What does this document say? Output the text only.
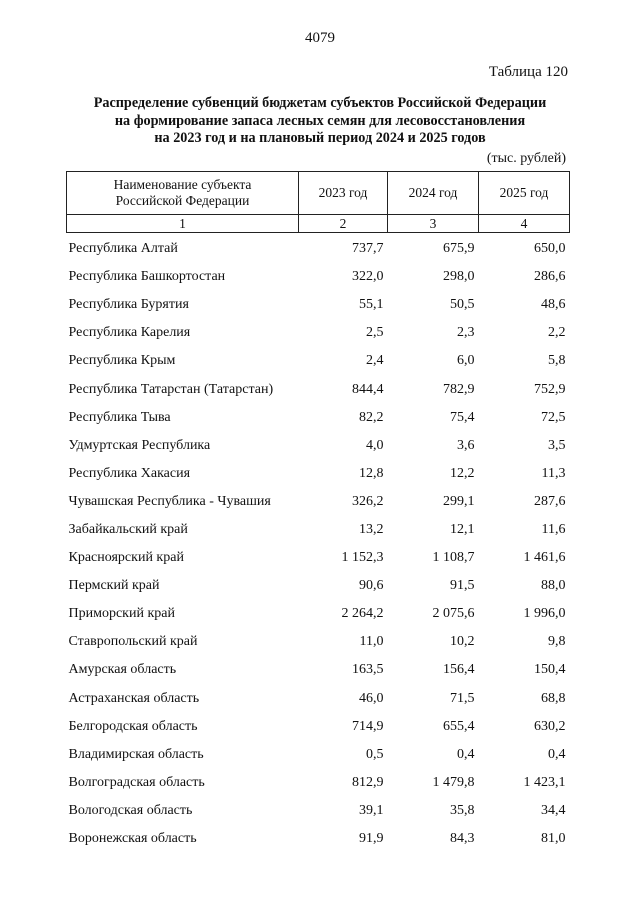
4079
Таблица 120
Распределение субвенций бюджетам субъектов Российской Федерации
на формирование запаса лесных семян для лесовосстановления
на 2023 год и на плановый период 2024 и 2025 годов
(тыс. рублей)
Наименование субъекта
Российской Федерации	2023 год	2024 год	2025 год
1	2	3	4
Республика Алтай	737,7	675,9	650,0
Республика Башкортостан	322,0	298,0	286,6
Республика Бурятия	55,1	50,5	48,6
Республика Карелия	2,5	2,3	2,2
Республика Крым	2,4	6,0	5,8
Республика Татарстан (Татарстан)	844,4	782,9	752,9
Республика Тыва	82,2	75,4	72,5
Удмуртская Республика	4,0	3,6	3,5
Республика Хакасия	12,8	12,2	11,3
Чувашская Республика - Чувашия	326,2	299,1	287,6
Забайкальский край	13,2	12,1	11,6
Красноярский край	1 152,3	1 108,7	1 461,6
Пермский край	90,6	91,5	88,0
Приморский край	2 264,2	2 075,6	1 996,0
Ставропольский край	11,0	10,2	9,8
Амурская область	163,5	156,4	150,4
Астраханская область	46,0	71,5	68,8
Белгородская область	714,9	655,4	630,2
Владимирская область	0,5	0,4	0,4
Волгоградская область	812,9	1 479,8	1 423,1
Вологодская область	39,1	35,8	34,4
Воронежская область	91,9	84,3	81,0
